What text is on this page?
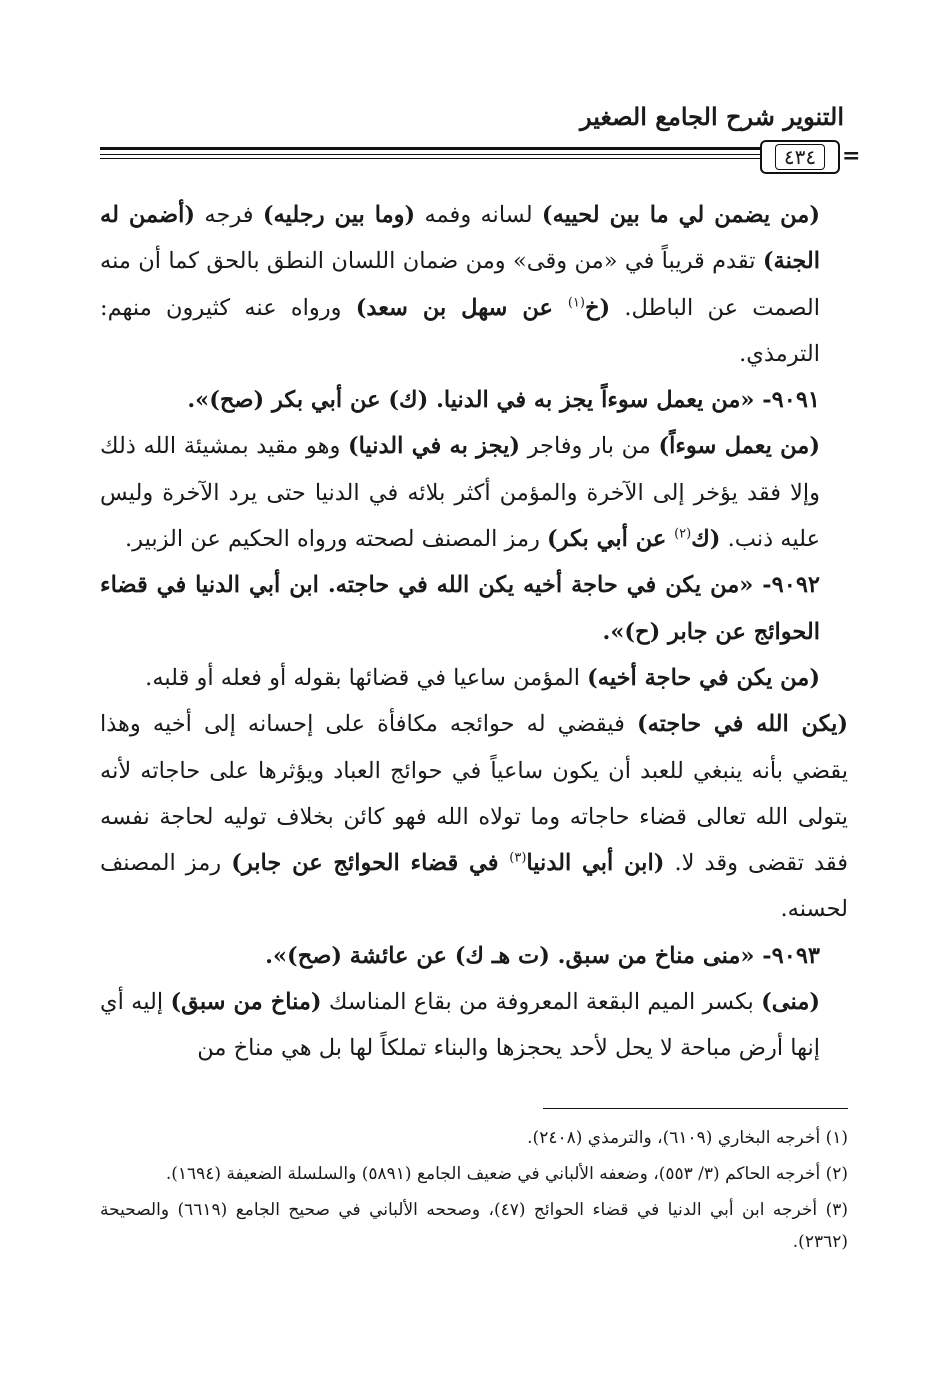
التنوير شرح الجامع الصغير
٤٣٤	=

(من يضمن لي ما بين لحييه) لسانه وفمه (وما بين رجليه) فرجه (أضمن له الجنة) تقدم قريباً في «من وقى» ومن ضمان اللسان النطق بالحق كما أن منه الصمت عن الباطل. (خ$^{(١)}$ عن سهل بن سعد) ورواه عنه كثيرون منهم: الترمذي.

٩٠٩١- «من يعمل سوءاً يجز به في الدنيا. (ك) عن أبي بكر (صح)».

(من يعمل سوءاً) من بار وفاجر (يجز به في الدنيا) وهو مقيد بمشيئة الله ذلك وإلا فقد يؤخر إلى الآخرة والمؤمن أكثر بلائه في الدنيا حتى يرد الآخرة وليس عليه ذنب. (ك$^{(٢)}$ عن أبي بكر) رمز المصنف لصحته ورواه الحكيم عن الزبير.

٩٠٩٢- «من يكن في حاجة أخيه يكن الله في حاجته. ابن أبي الدنيا في قضاء الحوائج عن جابر (ح)».

(من يكن في حاجة أخيه) المؤمن ساعيا في قضائها بقوله أو فعله أو قلبه.

(يكن الله في حاجته) فيقضي له حوائجه مكافأة على إحسانه إلى أخيه وهذا يقضي بأنه ينبغي للعبد أن يكون ساعياً في حوائج العباد ويؤثرها على حاجاته لأنه يتولى الله تعالى قضاء حاجاته وما تولاه الله فهو كائن بخلاف توليه لحاجة نفسه فقد تقضى وقد لا. (ابن أبي الدنيا$^{(٣)}$ في قضاء الحوائج عن جابر) رمز المصنف لحسنه.

٩٠٩٣- «منى مناخ من سبق. (ت هـ ك) عن عائشة (صح)».

(منى) بكسر الميم البقعة المعروفة من بقاع المناسك (مناخ من سبق) إليه أي إنها أرض مباحة لا يحل لأحد يحجزها والبناء تملكاً لها بل هي مناخ من

(١) أخرجه البخاري (٦١٠٩)، والترمذي (٢٤٠٨).

(٢) أخرجه الحاكم (٣/ ٥٥٣)، وضعفه الألباني في ضعيف الجامع (٥٨٩١) والسلسلة الضعيفة (١٦٩٤).

(٣) أخرجه ابن أبي الدنيا في قضاء الحوائج (٤٧)، وصححه الألباني في صحيح الجامع (٦٦١٩) والصحيحة (٢٣٦٢).
